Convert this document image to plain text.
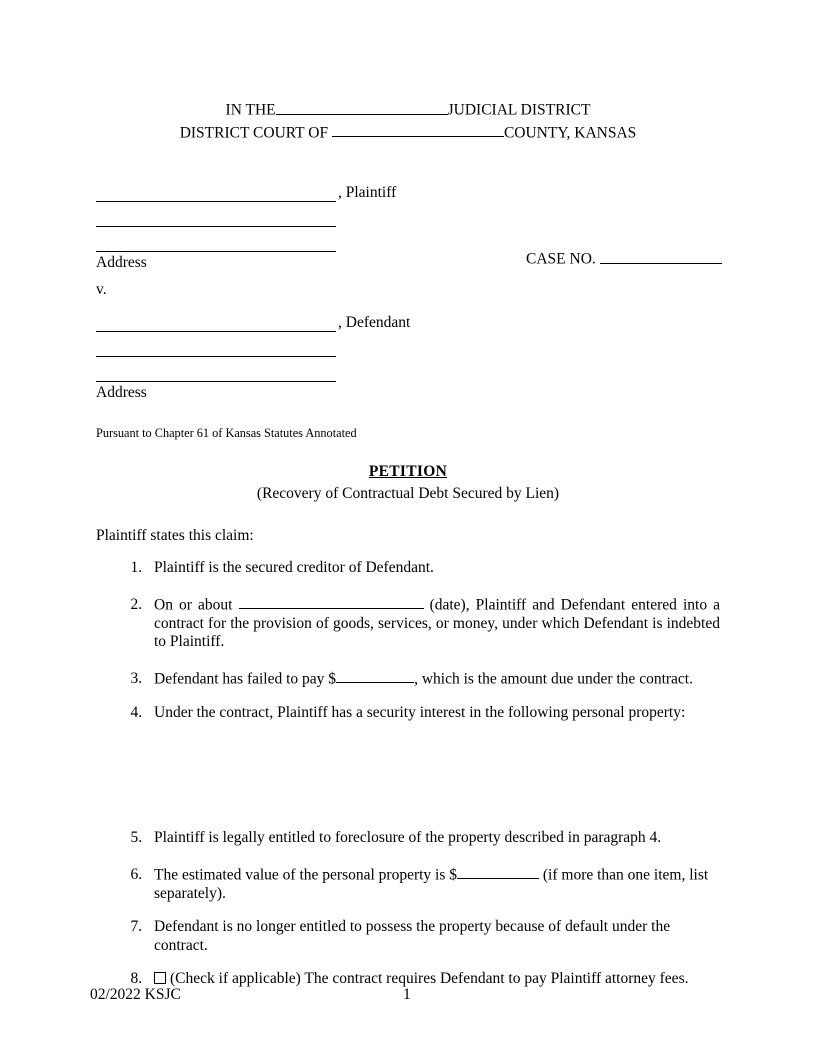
IN THE	JUDICIAL DISTRICT
DISTRICT COURT OF	COUNTY, KANSAS
, Plaintiff
Address
v.
, Defendant
Address
CASE NO.
Pursuant to Chapter 61 of Kansas Statutes Annotated
PETITION
(Recovery of Contractual Debt Secured by Lien)
Plaintiff states this claim:
1. Plaintiff is the secured creditor of Defendant.
2. On or about	(date), Plaintiff and Defendant entered into a contract for the provision of goods, services, or money, under which Defendant is indebted to Plaintiff.
3. Defendant has failed to pay $	, which is the amount due under the contract.
4. Under the contract, Plaintiff has a security interest in the following personal property:
5. Plaintiff is legally entitled to foreclosure of the property described in paragraph 4.
6. The estimated value of the personal property is $	(if more than one item, list separately).
7. Defendant is no longer entitled to possess the property because of default under the contract.
8. (Check if applicable) The contract requires Defendant to pay Plaintiff attorney fees.
02/2022 KSJC	1
